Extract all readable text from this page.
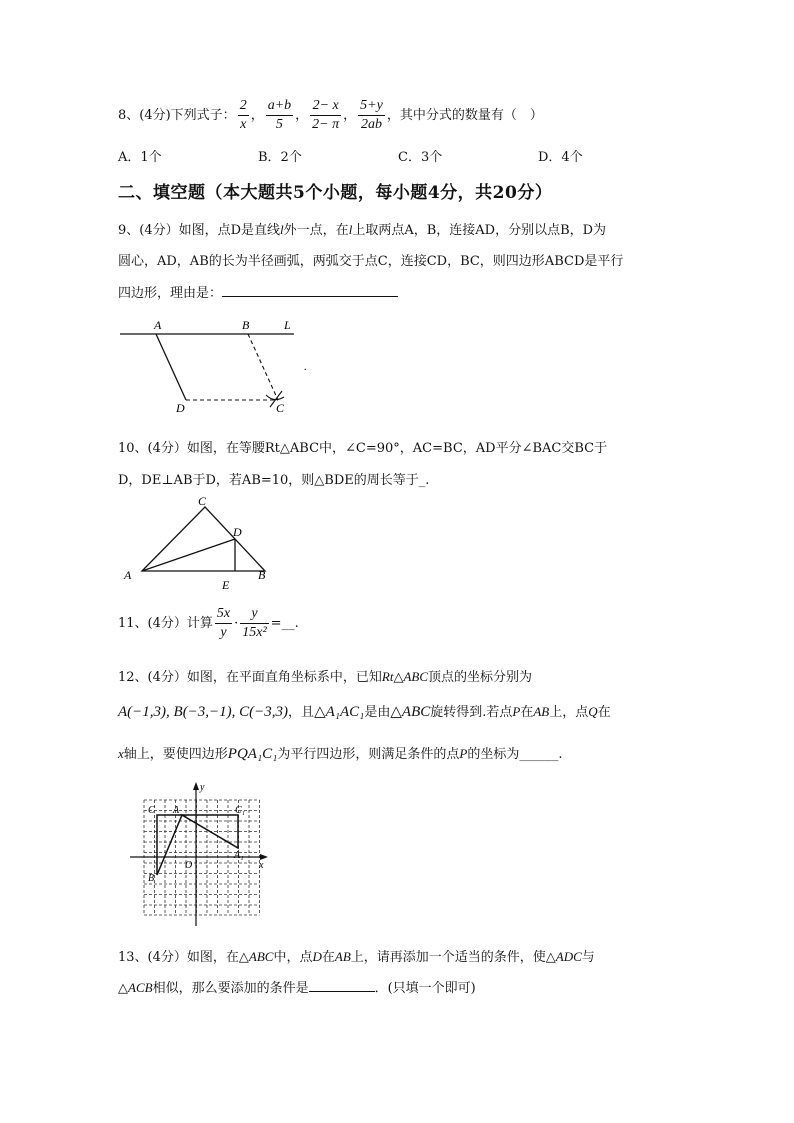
8、(4分)下列式子： $\frac{2}{x}$ ， $\frac{a+b}{5}$ ， $\frac{2- x}{2- \pi}$ ， $\frac{5+y}{2ab}$ ，其中分式的数量有（　）
A．1个	B．2个	C．3个	D．4个
二、填空题（本大题共5个小题，每小题4分，共20分）
9、(4分）如图，点D是直线l外一点，在l上取两点A，B，连接AD，分别以点B，D为
圆心，AD，AB的长为半径画弧，两弧交于点C，连接CD，BC，则四边形ABCD是平行
四边形，理由是：
A	B	L
D	C
.
10、(4分）如图，在等腰Rt△ABC中，∠C=90°，AC=BC，AD平分∠BAC交BC于
D，DE⊥AB于D，若AB=10，则△BDE的周长等于_.
C
D
A
E
B
11、(4分）计算 $\frac{5x}{y} \cdot \frac{y}{\text{15x²}}$ =__.
12、(4分）如图，在平面直角坐标系中，已知Rt△ABC顶点的坐标分别为
A(−1,3), B(−3,−1), C(−3,3)，且△A₁AC₁是由△ABC旋转得到.若点P在AB上，点Q在
x轴上，要使四边形PQA₁C₁为平行四边形，则满足条件的点P的坐标为______.
y
x
O
C A	C₁
A₁
B
13、(4分）如图，在△ABC中，点D在AB上，请再添加一个适当的条件，使△ADC与
△ACB相似，那么要添加的条件是	．(只填一个即可)
